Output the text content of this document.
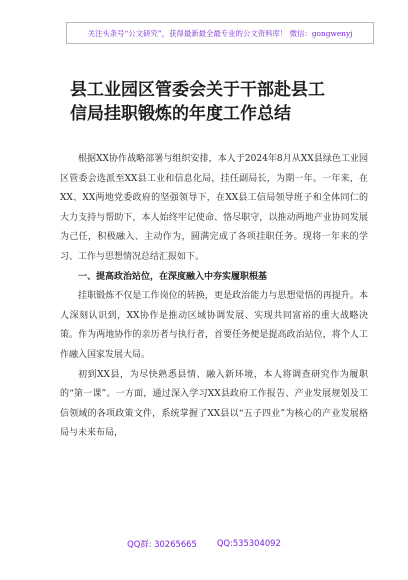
关注头条号“公文研究”，获得最新最全最专业的公文资料库！ 微信：gongwenyj
县工业园区管委会关于干部赴县工
信局挂职锻炼的年度工作总结

根据XX协作战略部署与组织安排，本人于2024年8月从XX县绿色工业园区管委会选派至XX县工业和信息化局，挂任副局长，为期一年。一年来，在XX、XX两地党委政府的坚强领导下，在XX县工信局领导班子和全体同仁的大力支持与帮助下，本人始终牢记使命、恪尽职守，以推动两地产业协同发展为己任，积极融入、主动作为，圆满完成了各项挂职任务。现将一年来的学习、工作与思想情况总结汇报如下。

一、提高政治站位，在深度融入中夯实履职根基

挂职锻炼不仅是工作岗位的转换，更是政治能力与思想觉悟的再提升。本人深刻认识到，XX协作是推动区域协调发展、实现共同富裕的重大战略决策。作为两地协作的亲历者与执行者，首要任务便是提高政治站位，将个人工作融入国家发展大局。

初到XX县，为尽快熟悉县情、融入新环境，本人将调查研究作为履职的“第一课”。一方面，通过深入学习XX县政府工作报告、产业发展规划及工信领域的各项政策文件，系统掌握了XX县以“五子四业”为核心的产业发展格局与未来布局，

QQ群: 30265665 QQ:535304092
